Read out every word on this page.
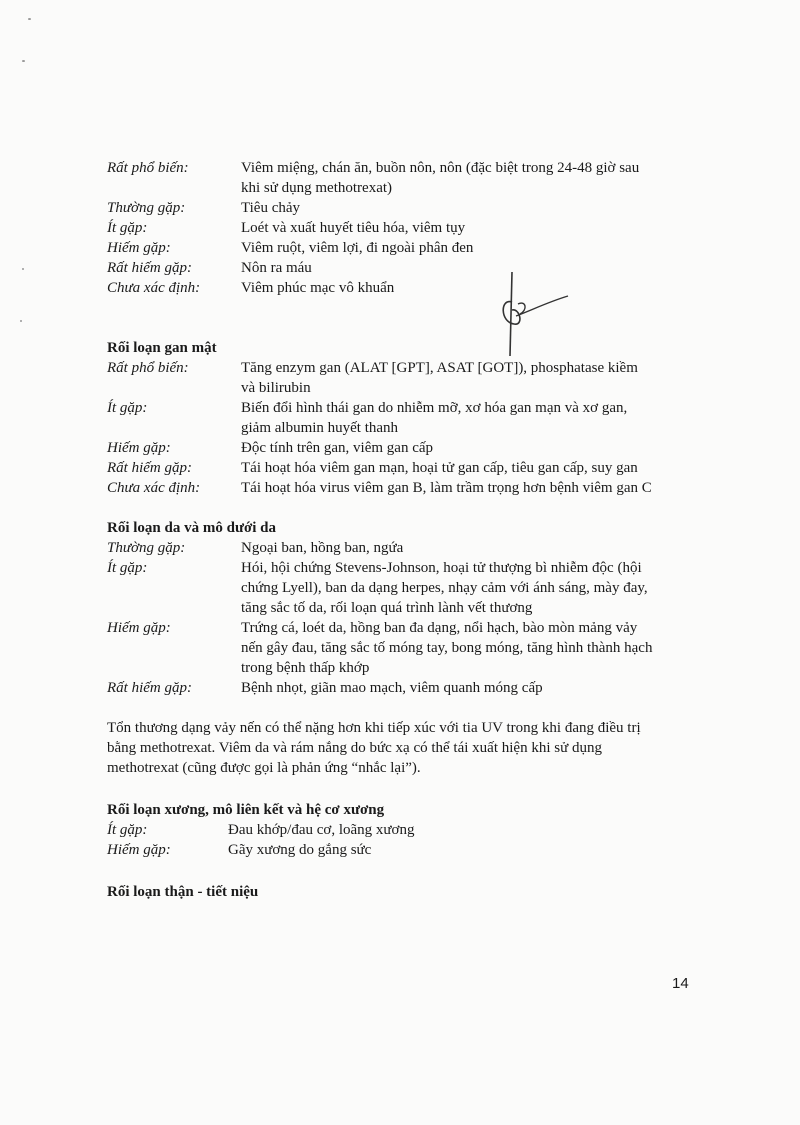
Rất phổ biến:	Viêm miệng, chán ăn, buồn nôn, nôn (đặc biệt trong 24-48 giờ sau
khi sử dụng methotrexat)
Thường gặp:	Tiêu chảy
Ít gặp:	Loét và xuất huyết tiêu hóa, viêm tụy
Hiếm gặp:	Viêm ruột, viêm lợi, đi ngoài phân đen
Rất hiếm gặp:	Nôn ra máu
Chưa xác định:	Viêm phúc mạc vô khuẩn
Rối loạn gan mật
Rất phổ biến:	Tăng enzym gan (ALAT [GPT], ASAT [GOT]), phosphatase kiềm
và bilirubin
Ít gặp:	Biến đổi hình thái gan do nhiễm mỡ, xơ hóa gan mạn và xơ gan,
giảm albumin huyết thanh
Hiếm gặp:	Độc tính trên gan, viêm gan cấp
Rất hiếm gặp:	Tái hoạt hóa viêm gan mạn, hoại tử gan cấp, tiêu gan cấp, suy gan
Chưa xác định:	Tái hoạt hóa virus viêm gan B, làm trầm trọng hơn bệnh viêm gan C
Rối loạn da và mô dưới da
Thường gặp:	Ngoại ban, hồng ban, ngứa
Ít gặp:	Hói, hội chứng Stevens-Johnson, hoại tử thượng bì nhiễm độc (hội
chứng Lyell), ban da dạng herpes, nhạy cảm với ánh sáng, mày đay,
tăng sắc tố da, rối loạn quá trình lành vết thương
Hiếm gặp:	Trứng cá, loét da, hồng ban đa dạng, nổi hạch, bào mòn mảng vảy
nến gây đau, tăng sắc tố móng tay, bong móng, tăng hình thành hạch
trong bệnh thấp khớp
Rất hiếm gặp:	Bệnh nhọt, giãn mao mạch, viêm quanh móng cấp
Tổn thương dạng vảy nến có thể nặng hơn khi tiếp xúc với tia UV trong khi đang điều trị
bằng methotrexat. Viêm da và rám nắng do bức xạ có thể tái xuất hiện khi sử dụng
methotrexat (cũng được gọi là phản ứng “nhắc lại”).
Rối loạn xương, mô liên kết và hệ cơ xương
Ít gặp:	Đau khớp/đau cơ, loãng xương
Hiếm gặp:	Gãy xương do gắng sức
Rối loạn thận - tiết niệu
14
